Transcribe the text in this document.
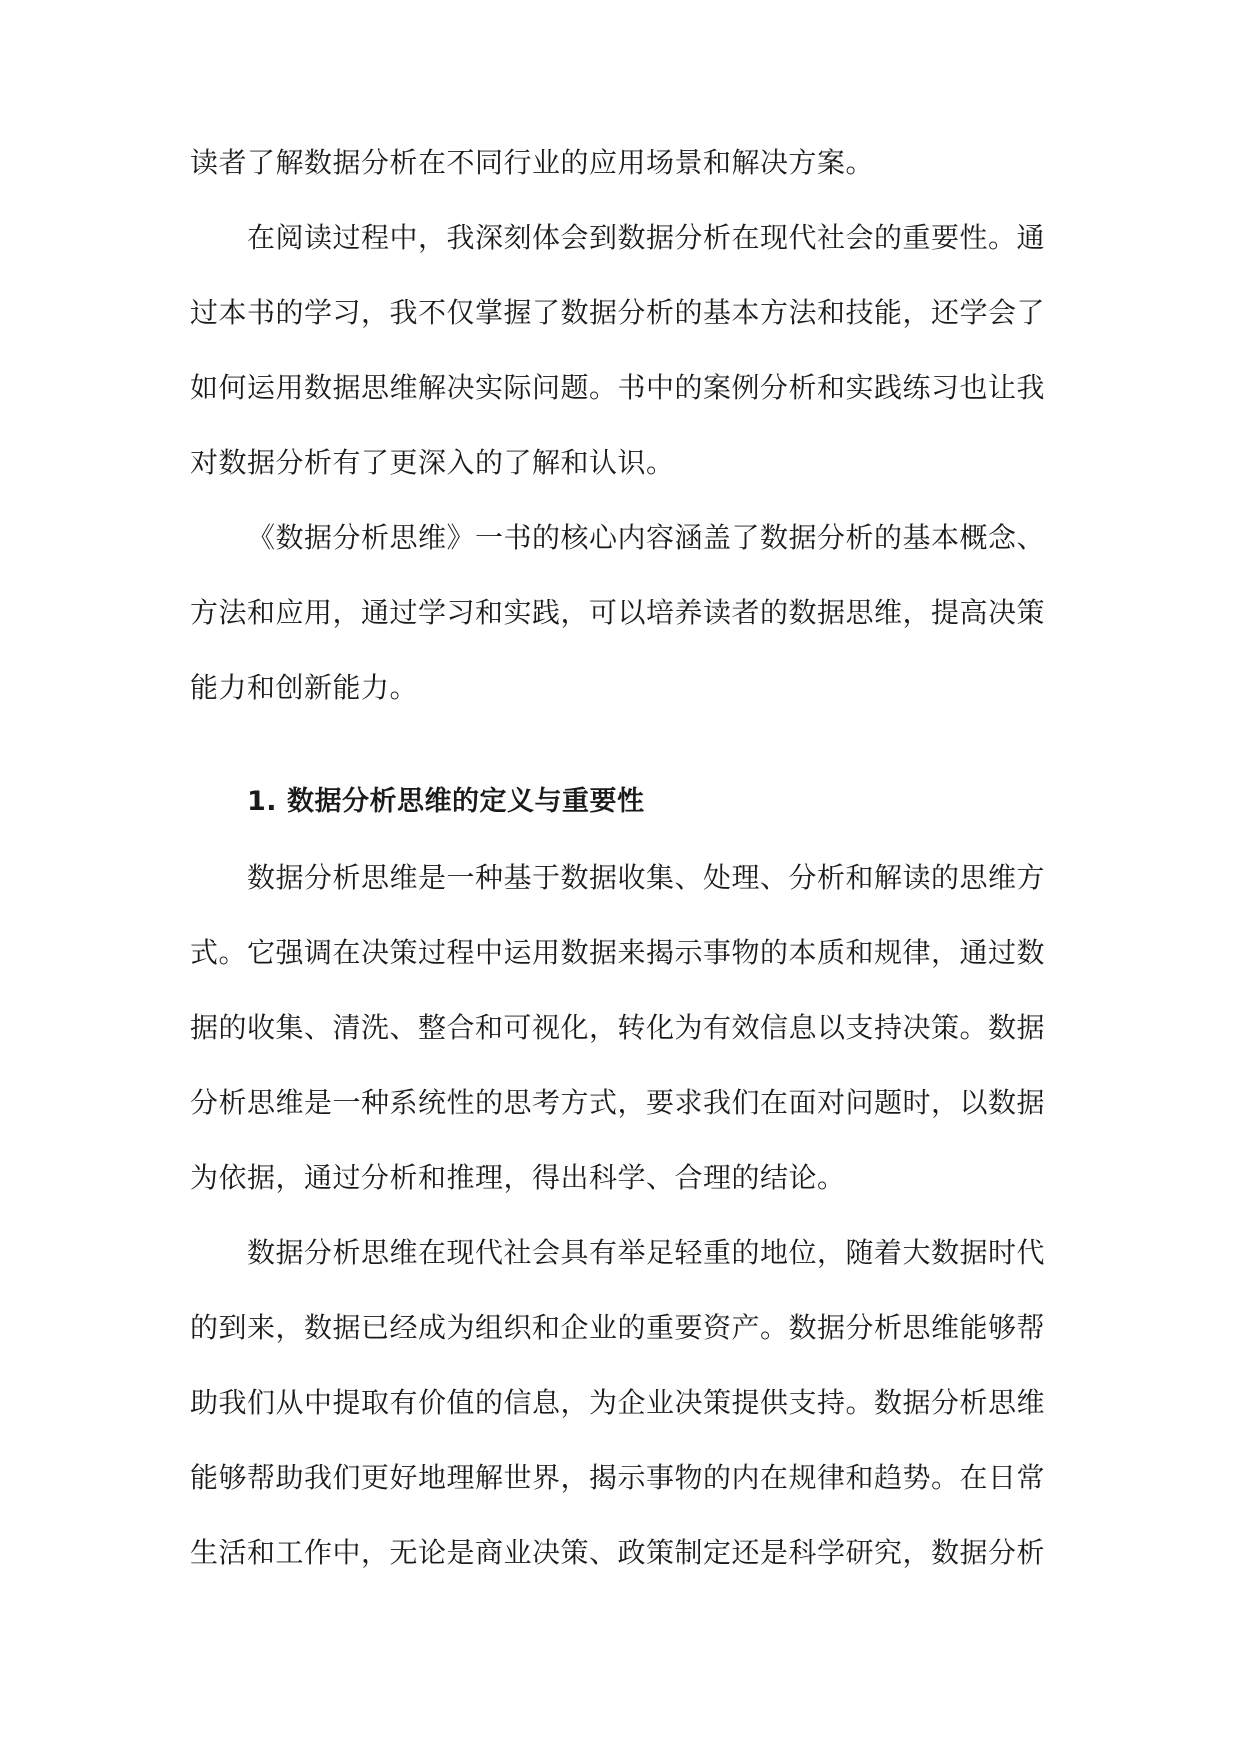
读者了解数据分析在不同行业的应用场景和解决方案。
在阅读过程中，我深刻体会到数据分析在现代社会的重要性。通
过本书的学习，我不仅掌握了数据分析的基本方法和技能，还学会了
如何运用数据思维解决实际问题。书中的案例分析和实践练习也让我
对数据分析有了更深入的了解和认识。
《数据分析思维》一书的核心内容涵盖了数据分析的基本概念、
方法和应用，通过学习和实践，可以培养读者的数据思维，提高决策
能力和创新能力。
1. 数据分析思维的定义与重要性
数据分析思维是一种基于数据收集、处理、分析和解读的思维方
式。它强调在决策过程中运用数据来揭示事物的本质和规律，通过数
据的收集、清洗、整合和可视化，转化为有效信息以支持决策。数据
分析思维是一种系统性的思考方式，要求我们在面对问题时，以数据
为依据，通过分析和推理，得出科学、合理的结论。
数据分析思维在现代社会具有举足轻重的地位，随着大数据时代
的到来，数据已经成为组织和企业的重要资产。数据分析思维能够帮
助我们从中提取有价值的信息，为企业决策提供支持。数据分析思维
能够帮助我们更好地理解世界，揭示事物的内在规律和趋势。在日常
生活和工作中，无论是商业决策、政策制定还是科学研究，数据分析
